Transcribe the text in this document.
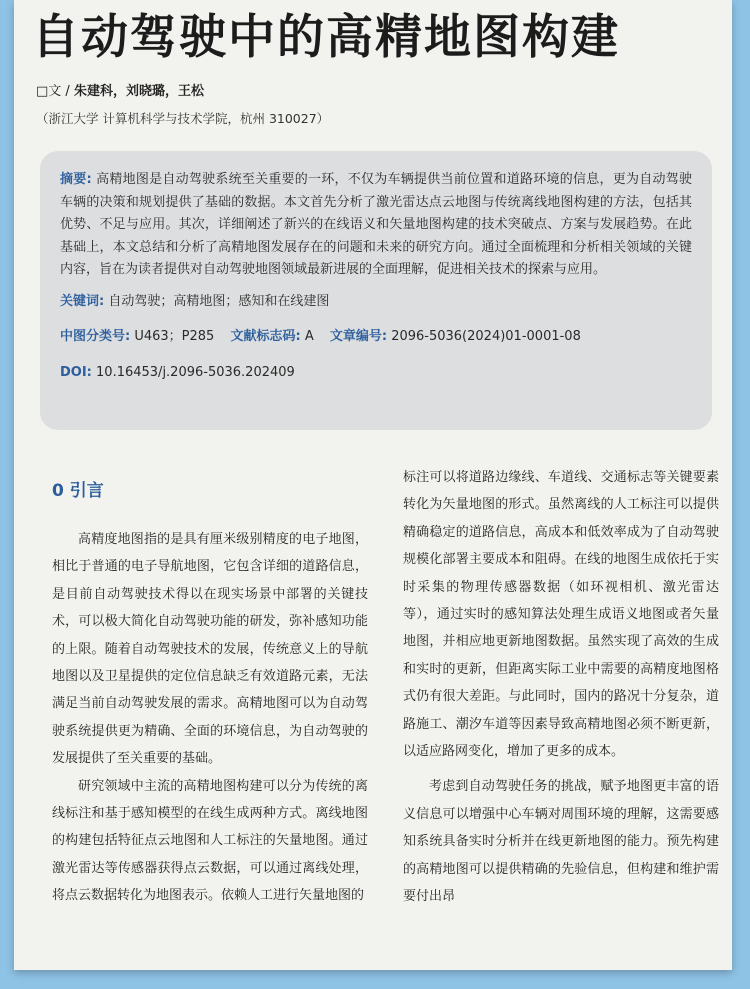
自动驾驶中的高精地图构建
□文 / 朱建科，刘晓璐，王松
（浙江大学 计算机科学与技术学院，杭州 310027）

摘要: 高精地图是自动驾驶系统至关重要的一环，不仅为车辆提供当前位置和道路环境的信息，更为自动驾驶车辆的决策和规划提供了基础的数据。本文首先分析了激光雷达点云地图与传统离线地图构建的方法，包括其优势、不足与应用。其次，详细阐述了新兴的在线语义和矢量地图构建的技术突破点、方案与发展趋势。在此基础上，本文总结和分析了高精地图发展存在的问题和未来的研究方向。通过全面梳理和分析相关领域的关键内容，旨在为读者提供对自动驾驶地图领域最新进展的全面理解，促进相关技术的探索与应用。

关键词: 自动驾驶；高精地图；感知和在线建图
中图分类号: U463；P285 文献标志码: A 文章编号: 2096-5036(2024)01-0001-08
DOI: 10.16453/j.2096-5036.202409
0 引言

高精度地图指的是具有厘米级别精度的电子地图，相比于普通的电子导航地图，它包含详细的道路信息，是目前自动驾驶技术得以在现实场景中部署的关键技术，可以极大简化自动驾驶功能的研发，弥补感知功能的上限。随着自动驾驶技术的发展，传统意义上的导航地图以及卫星提供的定位信息缺乏有效道路元素，无法满足当前自动驾驶发展的需求。高精地图可以为自动驾驶系统提供更为精确、全面的环境信息，为自动驾驶的发展提供了至关重要的基础。

研究领域中主流的高精地图构建可以分为传统的离线标注和基于感知模型的在线生成两种方式。离线地图的构建包括特征点云地图和人工标注的矢量地图。通过激光雷达等传感器获得点云数据，可以通过离线处理，将点云数据转化为地图表示。依赖人工进行矢量地图的

标注可以将道路边缘线、车道线、交通标志等关键要素转化为矢量地图的形式。虽然离线的人工标注可以提供精确稳定的道路信息，高成本和低效率成为了自动驾驶规模化部署主要成本和阻碍。在线的地图生成依托于实时采集的物理传感器数据（如环视相机、激光雷达等），通过实时的感知算法处理生成语义地图或者矢量地图，并相应地更新地图数据。虽然实现了高效的生成和实时的更新，但距离实际工业中需要的高精度地图格式仍有很大差距。与此同时，国内的路况十分复杂，道路施工、潮汐车道等因素导致高精地图必须不断更新，以适应路网变化，增加了更多的成本。

考虑到自动驾驶任务的挑战，赋予地图更丰富的语义信息可以增强中心车辆对周围环境的理解，这需要感知系统具备实时分析并在线更新地图的能力。预先构建的高精地图可以提供精确的先验信息，但构建和维护需要付出昂
